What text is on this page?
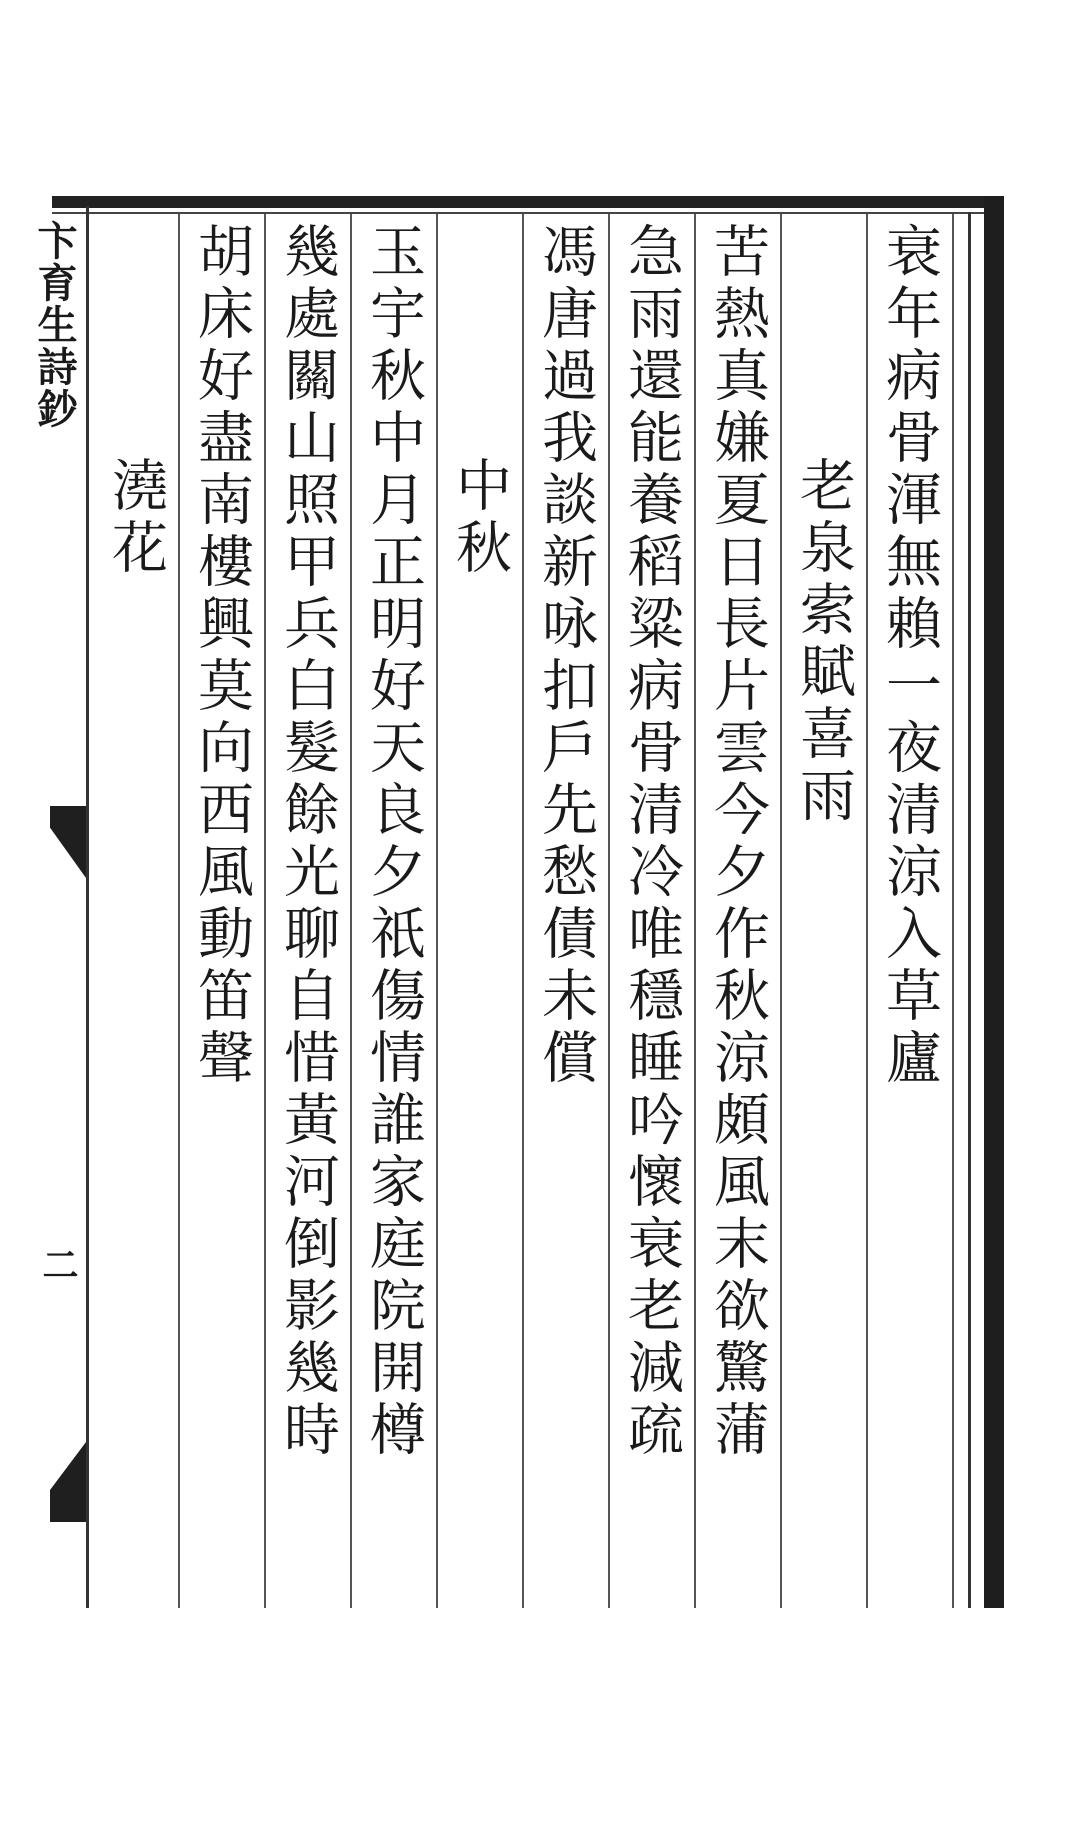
卞育生詩鈔
二
衰年病骨渾無賴一夜清涼入草廬
老泉索賦喜雨
苦熱真嫌夏日長片雲今夕作秋涼頗風末欲驚蒲
急雨還能養稻粱病骨清冷唯穩睡吟懷衰老減疏
馮唐過我談新咏扣戶先愁債未償
中秋
玉宇秋中月正明好天良夕祇傷情誰家庭院開樽
幾處關山照甲兵白髮餘光聊自惜黃河倒影幾時
胡床好盡南樓興莫向西風動笛聲
澆花
